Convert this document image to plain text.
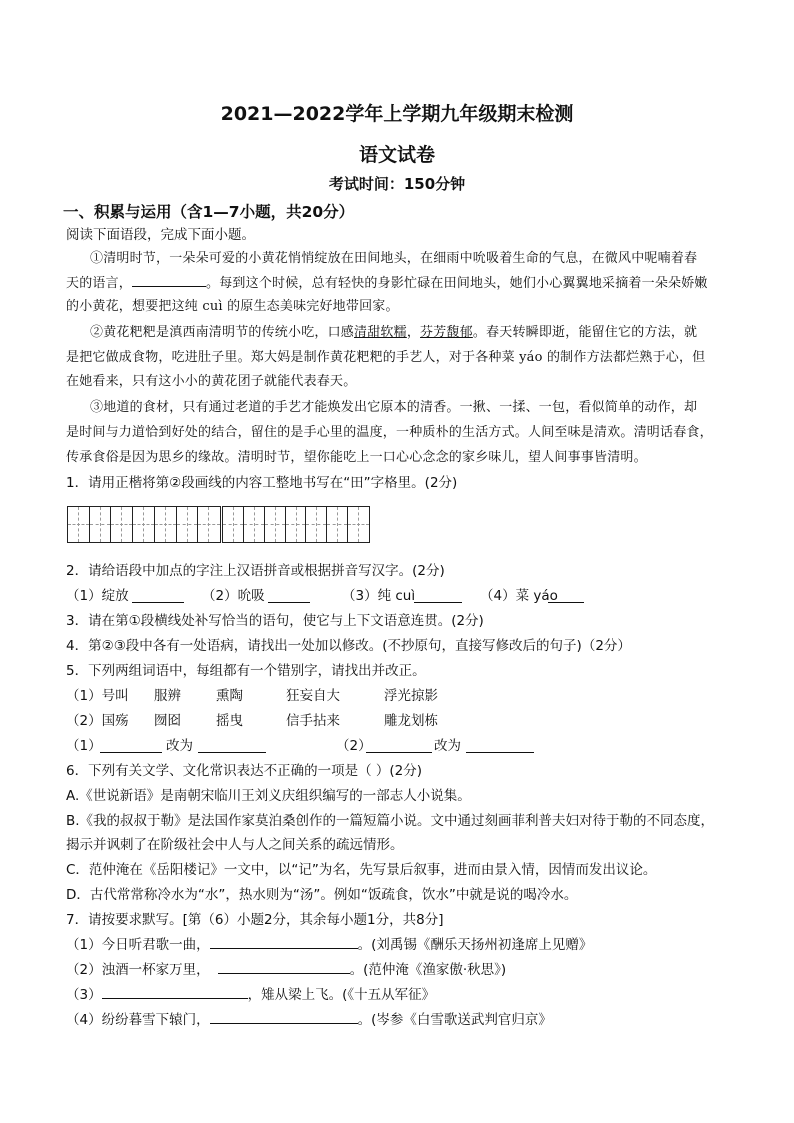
2021—2022学年上学期九年级期末检测
语文试卷
考试时间：150分钟
一、积累与运用（含1—7小题，共20分）
阅读下面语段，完成下面小题。
①清明时节，一朵朵可爱的小黄花悄悄绽放在田间地头，在细雨中吮吸着生命的气息，在微风中呢喃着春
天的语言，	。每到这个时候，总有轻快的身影忙碌在田间地头，她们小心翼翼地采摘着一朵朵娇嫩
的小黄花，想要把这纯 cuì 的原生态美味完好地带回家。
②黄花粑粑是滇西南清明节的传统小吃，口感清甜软糯，芬芳馥郁。春天转瞬即逝，能留住它的方法，就
是把它做成食物，吃进肚子里。郑大妈是制作黄花粑粑的手艺人，对于各种菜 yáo 的制作方法都烂熟于心，但
在她看来，只有这小小的黄花团子就能代表春天。
③地道的食材，只有通过老道的手艺才能焕发出它原本的清香。一揪、一揉、一包，看似简单的动作，却
是时间与力道恰到好处的结合，留住的是手心里的温度，一种质朴的生活方式。人间至味是清欢。清明话春食，
传承食俗是因为思乡的缘故。清明时节，望你能吃上一口心心念念的家乡味儿，望人间事事皆清明。
1．请用正楷将第②段画线的内容工整地书写在“田”字格里。(2分)
2．请给语段中加点的字注上汉语拼音或根据拼音写汉字。(2分)
（1）绽放	（2）吮吸	（3）纯 cuì	（4）菜 yáo
3．请在第①段横线处补写恰当的语句，使它与上下文语意连贯。(2分)
4．第②③段中各有一处语病，请找出一处加以修改。(不抄原句，直接写修改后的句子)（2分）
5．下列两组词语中，每组都有一个错别字，请找出并改正。
（1）号叫 服辨	熏陶	狂妄自大	浮光掠影
（2）国殇 囫囵	摇曳	信手拈来	雕龙划栋
（1）	改为	（2）	改为
6．下列有关文学、文化常识表达不正确的一项是（ ）(2分)
A.《世说新语》是南朝宋临川王刘义庆组织编写的一部志人小说集。
B.《我的叔叔于勒》是法国作家莫泊桑创作的一篇短篇小说。文中通过刻画菲利普夫妇对待于勒的不同态度，
揭示并讽刺了在阶级社会中人与人之间关系的疏远情形。
C．范仲淹在《岳阳楼记》一文中，以“记”为名，先写景后叙事，进而由景入情，因情而发出议论。
D．古代常常称冷水为“水”，热水则为“汤”。例如“饭疏食，饮水”中就是说的喝冷水。
7．请按要求默写。[第（6）小题2分，其余每小题1分，共8分]
（1）今日听君歌一曲，	。(刘禹锡《酬乐天扬州初逢席上见赠》
（2）浊酒一杯家万里，	。(范仲淹《渔家傲·秋思》)
（3）	，雉从梁上飞。(《十五从军征》
（4）纷纷暮雪下辕门，	。(岑参《白雪歌送武判官归京》
